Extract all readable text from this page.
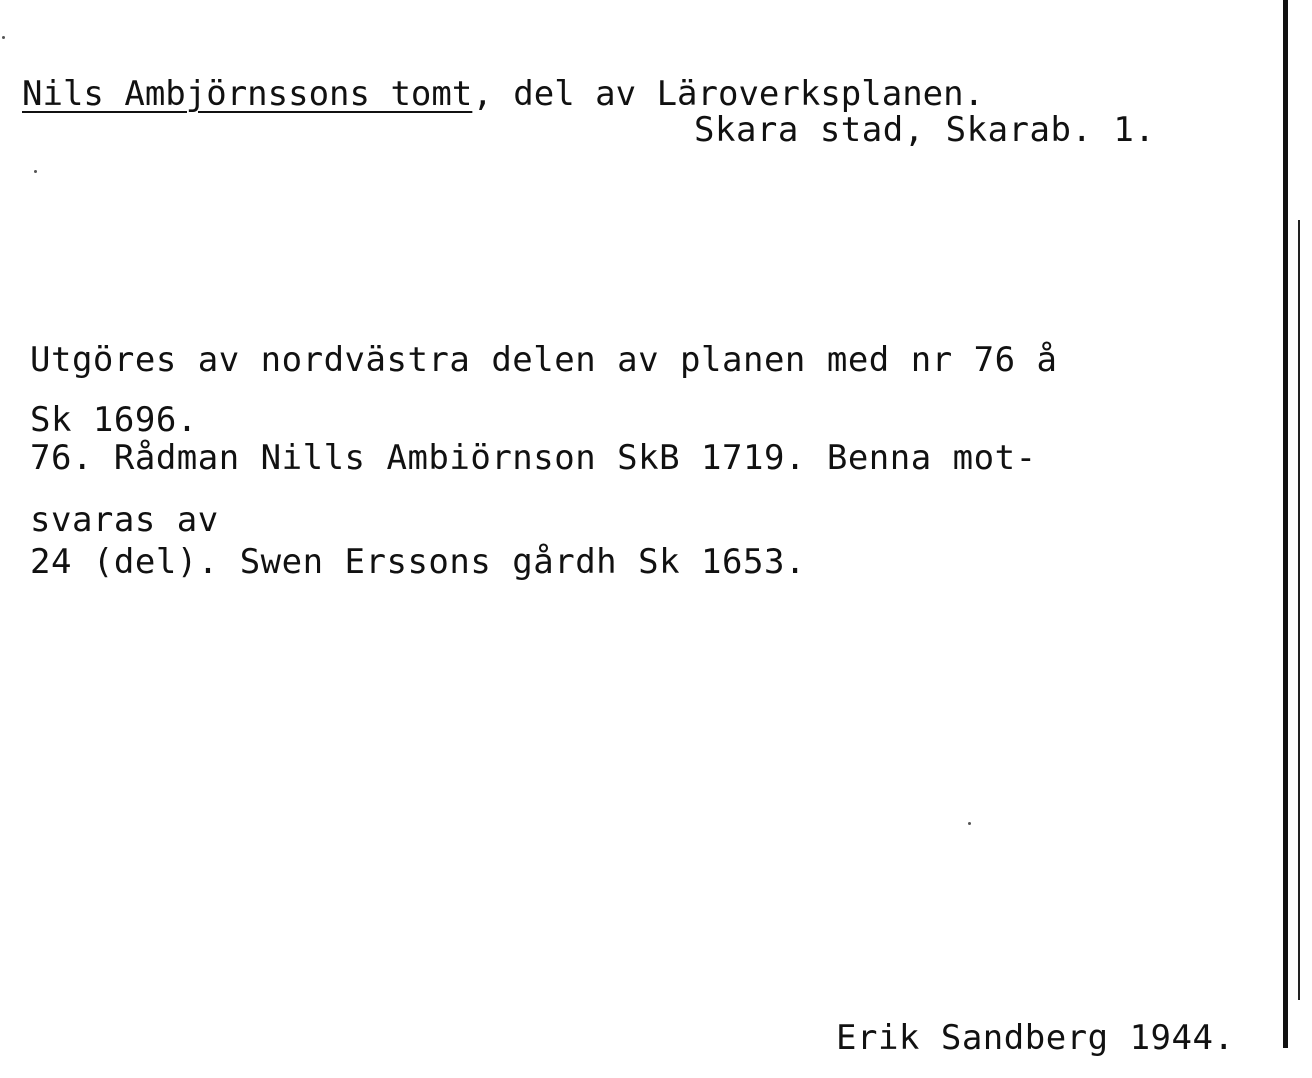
Nils Ambjörnssons tomt, del av Läroverksplanen.
Skara stad, Skarab. 1.
Utgöres av nordvästra delen av planen med nr 76 å
Sk 1696.
76. Rådman Nills Ambiörnson SkB 1719. Benna mot-
svaras av
24 (del). Swen Erssons gårdh Sk 1653.
Erik Sandberg 1944.
